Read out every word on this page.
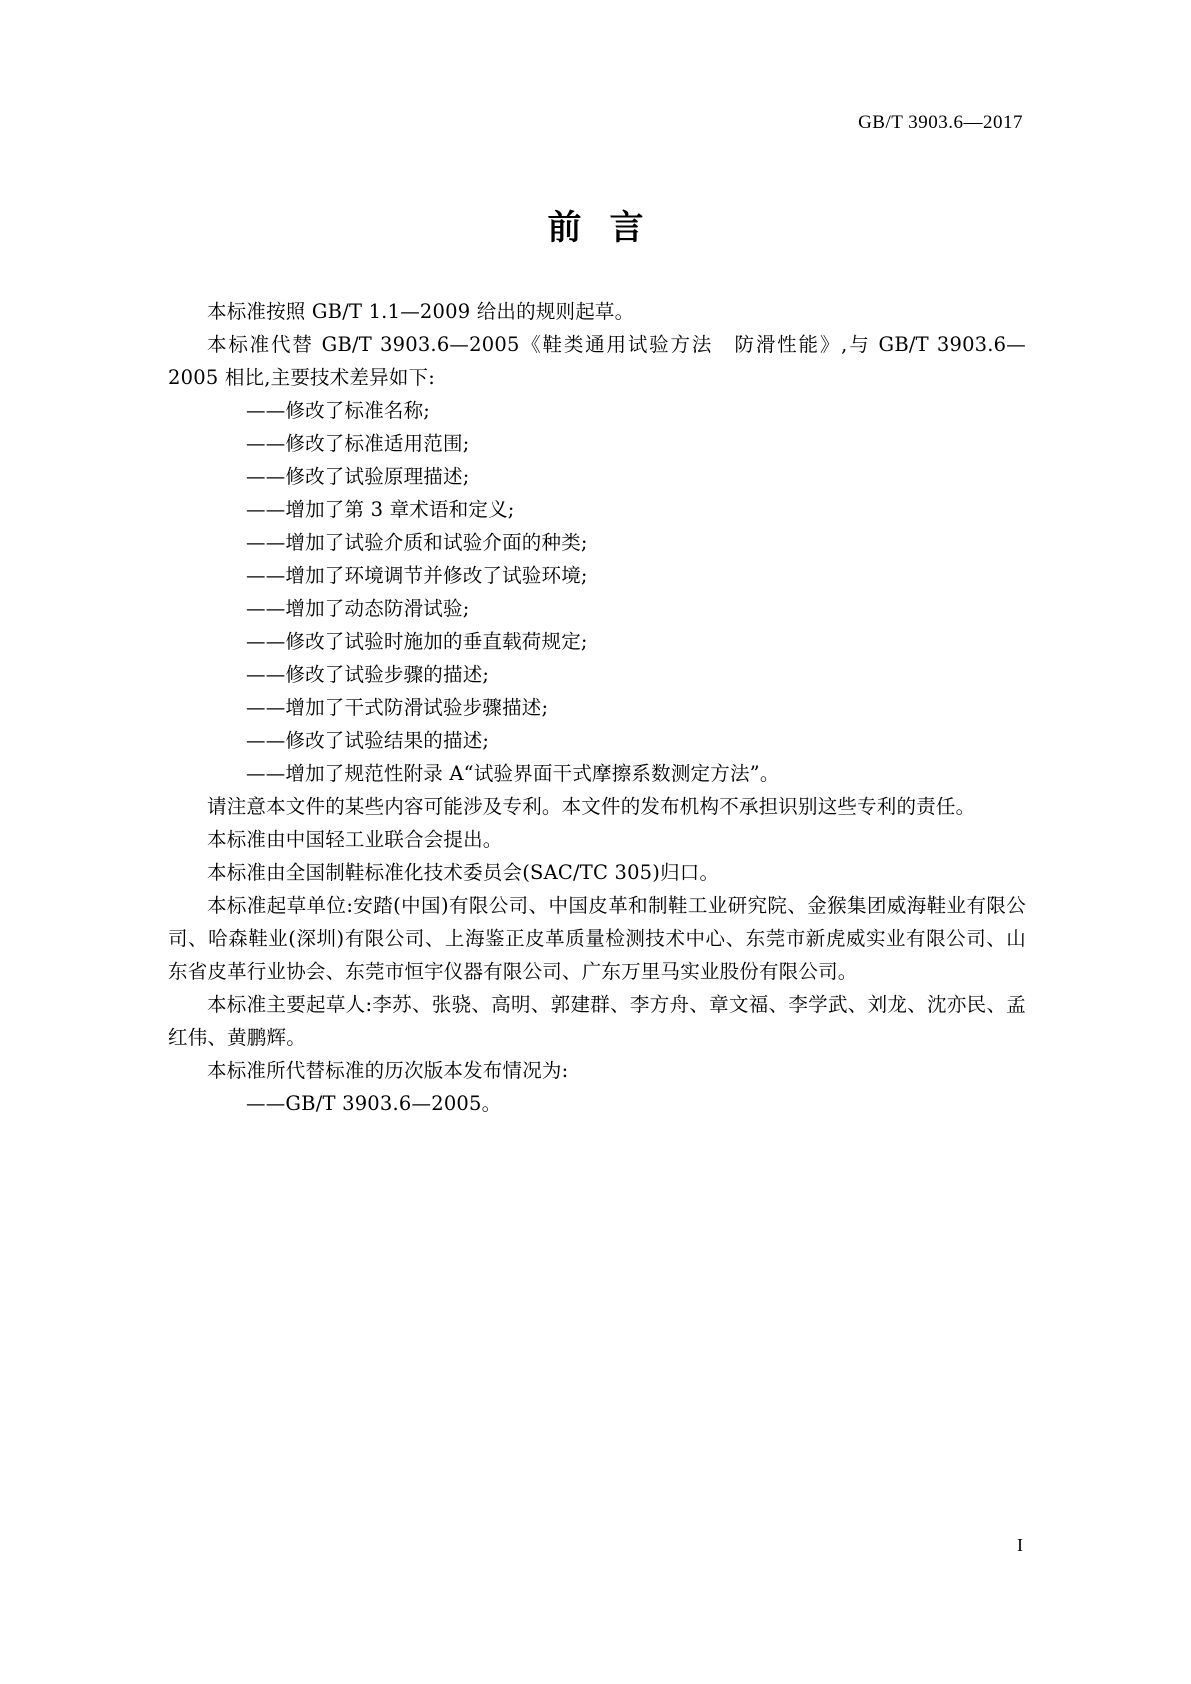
GB/T 3903.6—2017
前言

本标准按照 GB/T 1.1—2009 给出的规则起草。

本标准代替 GB/T 3903.6—2005《鞋类通用试验方法　防滑性能》,与 GB/T 3903.6—2005 相比,主要技术差异如下:

——修改了标准名称;

——修改了标准适用范围;

——修改了试验原理描述;

——增加了第 3 章术语和定义;

——增加了试验介质和试验介面的种类;

——增加了环境调节并修改了试验环境;

——增加了动态防滑试验;

——修改了试验时施加的垂直载荷规定;

——修改了试验步骤的描述;

——增加了干式防滑试验步骤描述;

——修改了试验结果的描述;

——增加了规范性附录 A“试验界面干式摩擦系数测定方法”。

请注意本文件的某些内容可能涉及专利。本文件的发布机构不承担识别这些专利的责任。

本标准由中国轻工业联合会提出。

本标准由全国制鞋标准化技术委员会(SAC/TC 305)归口。

本标准起草单位:安踏(中国)有限公司、中国皮革和制鞋工业研究院、金猴集团威海鞋业有限公司、哈森鞋业(深圳)有限公司、上海鉴正皮革质量检测技术中心、东莞市新虎威实业有限公司、山东省皮革行业协会、东莞市恒宇仪器有限公司、广东万里马实业股份有限公司。

本标准主要起草人:李苏、张骁、高明、郭建群、李方舟、章文福、李学武、刘龙、沈亦民、孟红伟、黄鹏辉。

本标准所代替标准的历次版本发布情况为:

——GB/T 3903.6—2005。

I
